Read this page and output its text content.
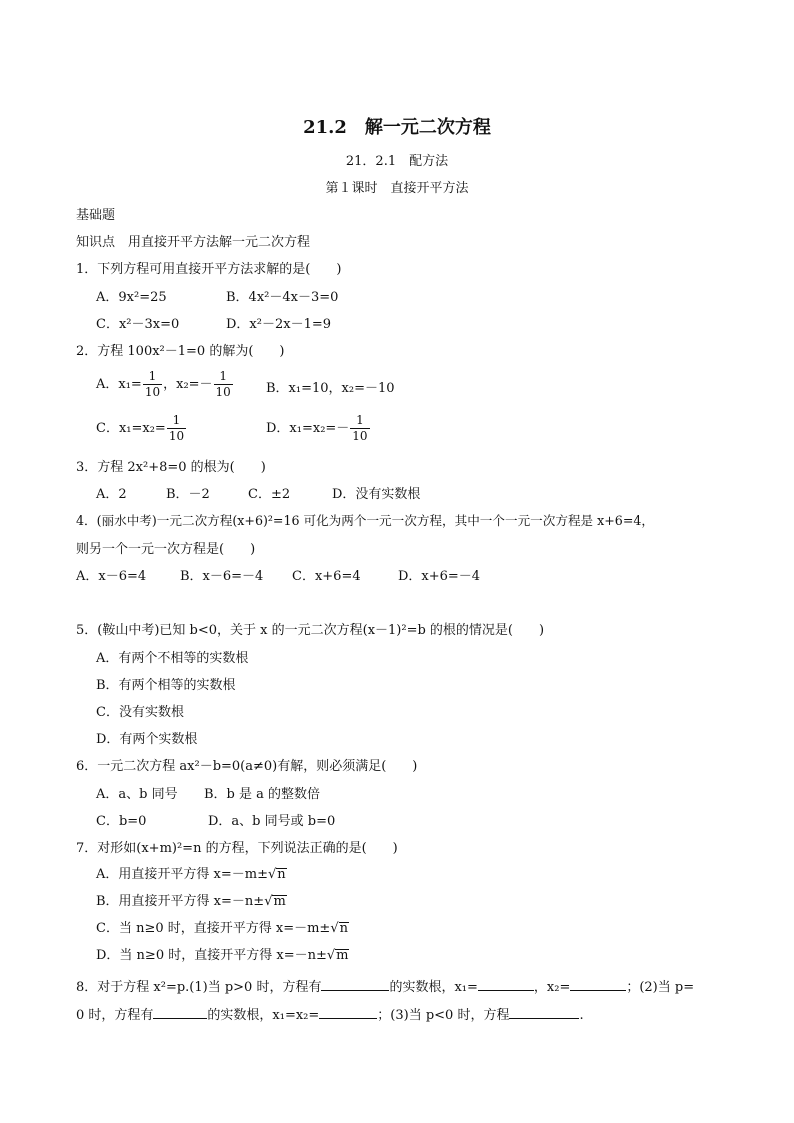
21.2　解一元二次方程
21．2.1　配方法
第１课时　直接开平方法
基础题
知识点　用直接开平方法解一元二次方程
1．下列方程可用直接开平方法求解的是(　　)
A．9x²=25	B．4x²－4x－3=0
C．x²－3x=0	D．x²－2x－1=9
2．方程 100x²－1=0 的解为(　　)
A．$x_1= \frac{1}{10}$ ，$x_2=- \frac{1}{10}$	B．x₁=10，x₂=－10
C．$x_1=x_2= \frac{1}{10}$	D．$x_1=x_2=- \frac{1}{10}$
3．方程 2x²+8=0 的根为(　　)
A．2	B．－2	C．±2	D．没有实数根
4．(丽水中考)一元二次方程(x+6)²=16 可化为两个一元一次方程，其中一个一元一次方程是 x+6=4，
则另一个一元一次方程是(　　)
A．x－6=4	B．x－6=－4 C．x+6=4	D．x+6=－4
5．(鞍山中考)已知 b<0，关于 x 的一元二次方程(x－1)²=b 的根的情况是(　　)
A．有两个不相等的实数根
B．有两个相等的实数根
C．没有实数根
D．有两个实数根
6．一元二次方程 ax²－b=0(a≠0)有解，则必须满足(　　)
A．a、b 同号 B．b 是 a 的整数倍
C．b=0	D．a、b 同号或 b=0
7．对形如(x+m)²=n 的方程，下列说法正确的是(　　)
A．用直接开平方得 x=－m±√n
B．用直接开平方得 x=－n±√m
C．当 n≥0 时，直接开平方得 x=－m±√n
D．当 n≥0 时，直接开平方得 x=－n±√m
8．对于方程 x²=p.(1)当 p>0 时，方程有	的实数根，x₁=	，x₂=	；(2)当 p=
0 时，方程有	的实数根，x₁=x₂=	；(3)当 p<0 时，方程	.
